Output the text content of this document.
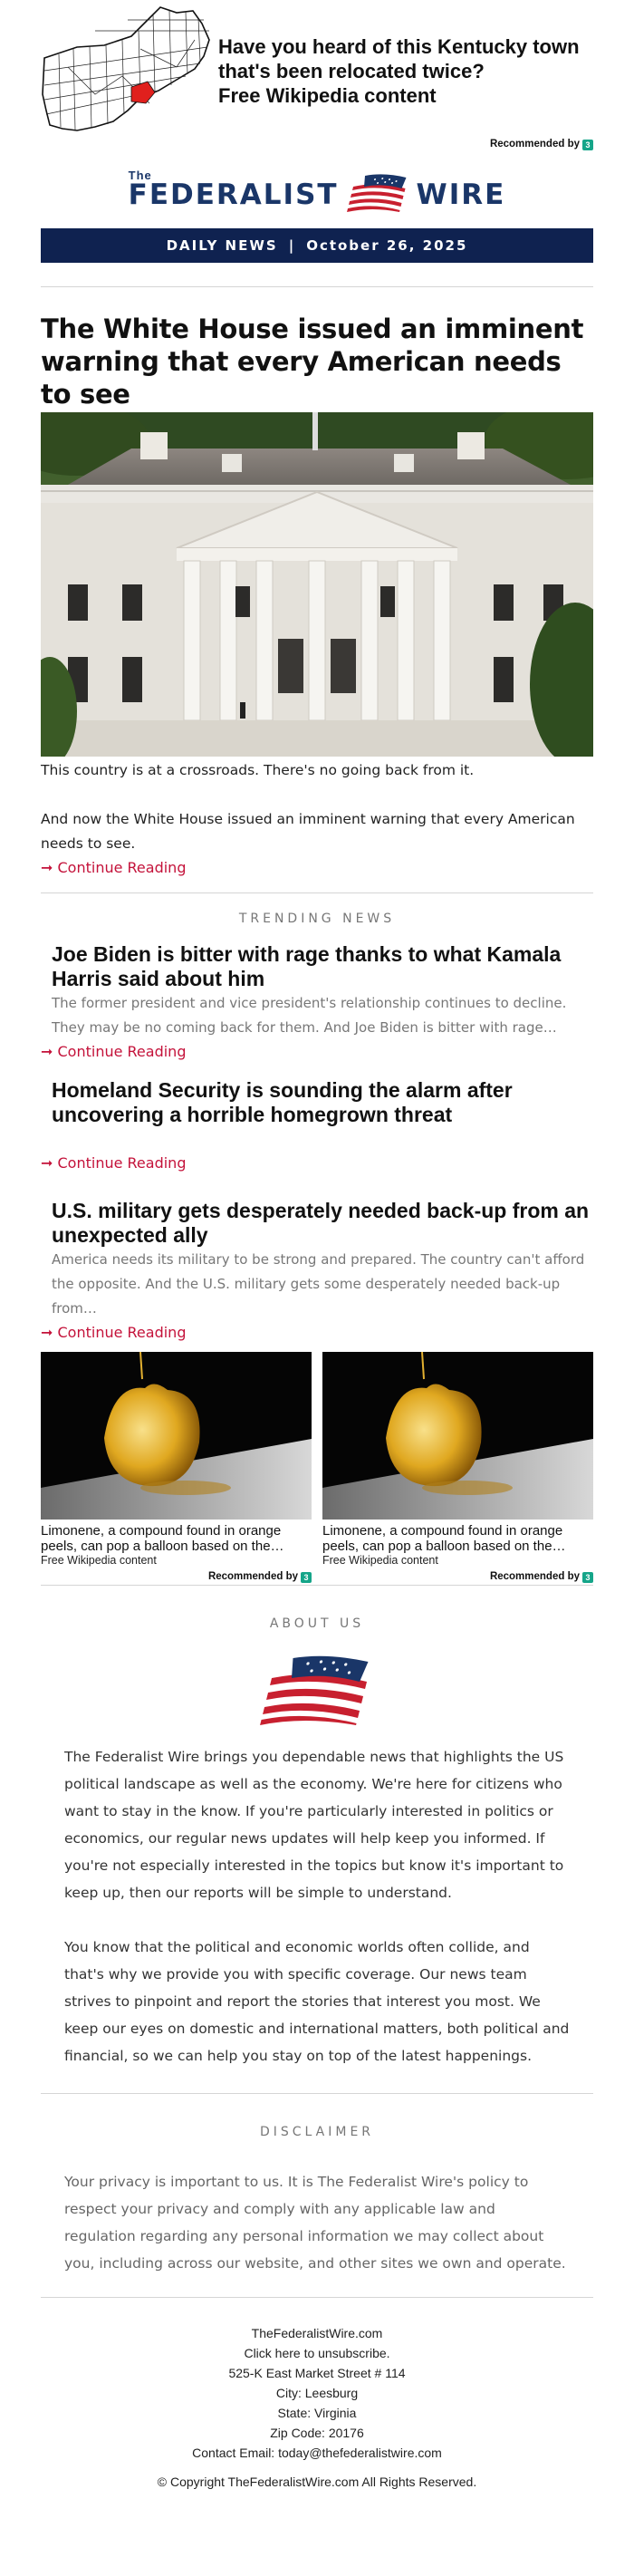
Have you heard of this Kentucky town that's been relocated twice?
Free Wikipedia content
Recommended by 3
The
FEDERALIST	WIRE
DAILY NEWS | October 26, 2025
The White House issued an imminent warning that every American needs to see

This country is at a crossroads. There's no going back from it.

And now the White House issued an imminent warning that every American needs to see.

➞ Continue Reading
TRENDING NEWS
Joe Biden is bitter with rage thanks to what Kamala Harris said about him
The former president and vice president's relationship continues to decline. They may be no coming back for them. And Joe Biden is bitter with rage…
➞ Continue Reading
Homeland Security is sounding the alarm after uncovering a horrible homegrown threat
➞ Continue Reading
U.S. military gets desperately needed back-up from an unexpected ally
America needs its military to be strong and prepared. The country can't afford the opposite. And the U.S. military gets some desperately needed back-up from…
➞ Continue Reading
Limonene, a compound found in orange peels, can pop a balloon based on the…
Free Wikipedia content
Limonene, a compound found in orange peels, can pop a balloon based on the…
Free Wikipedia content
Recommended by 3	Recommended by 3
ABOUT US

The Federalist Wire brings you dependable news that highlights the US political landscape as well as the economy. We're here for citizens who want to stay in the know. If you're particularly interested in politics or economics, our regular news updates will help keep you informed. If you're not especially interested in the topics but know it's important to keep up, then our reports will be simple to understand.

You know that the political and economic worlds often collide, and that's why we provide you with specific coverage. Our news team strives to pinpoint and report the stories that interest you most. We keep our eyes on domestic and international matters, both political and financial, so we can help you stay on top of the latest happenings.

DISCLAIMER

Your privacy is important to us. It is The Federalist Wire's policy to respect your privacy and comply with any applicable law and regulation regarding any personal information we may collect about you, including across our website, and other sites we own and operate.

TheFederalistWire.com
Click here to unsubscribe.
525-K East Market Street # 114
City: Leesburg
State: Virginia
Zip Code: 20176
Contact Email: today@thefederalistwire.com
© Copyright TheFederalistWire.com All Rights Reserved.
